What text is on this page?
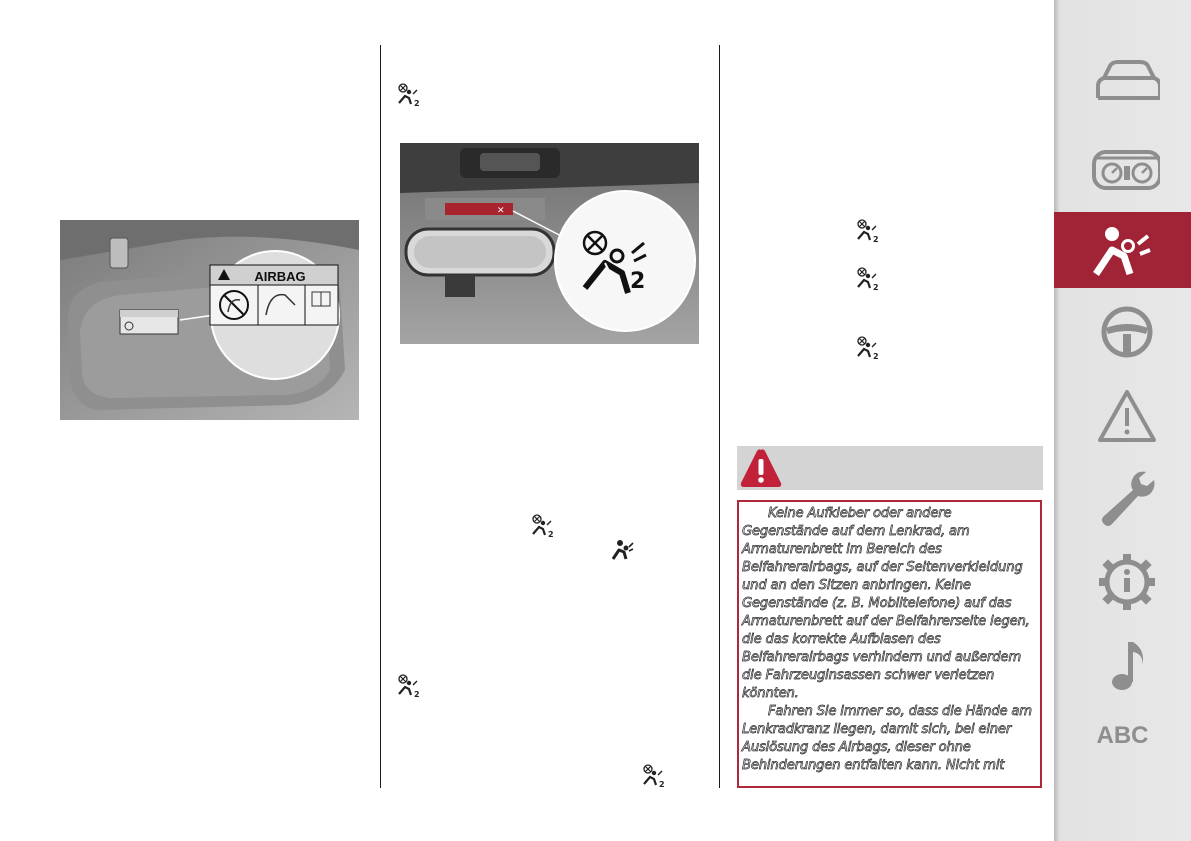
AIRBAG
2
✕
2
2
2
2
2
2
2

Keine Aufkleber oder andere Gegenstände auf dem Lenkrad, am Armaturenbrett im Bereich des Beifahrerairbags, auf der Seitenverkleidung und an den Sitzen anbringen. Keine Gegenstände (z. B. Mobiltelefone) auf das Armaturenbrett auf der Beifahrerseite legen, die das korrekte Aufblasen des Beifahrerairbags verhindern und außerdem die Fahrzeuginsassen schwer verletzen könnten.

Fahren Sie immer so, dass die Hände am Lenkradkranz liegen, damit sich, bei einer Auslösung des Airbags, dieser ohne Behinderungen entfalten kann. Nicht mit

ABC
